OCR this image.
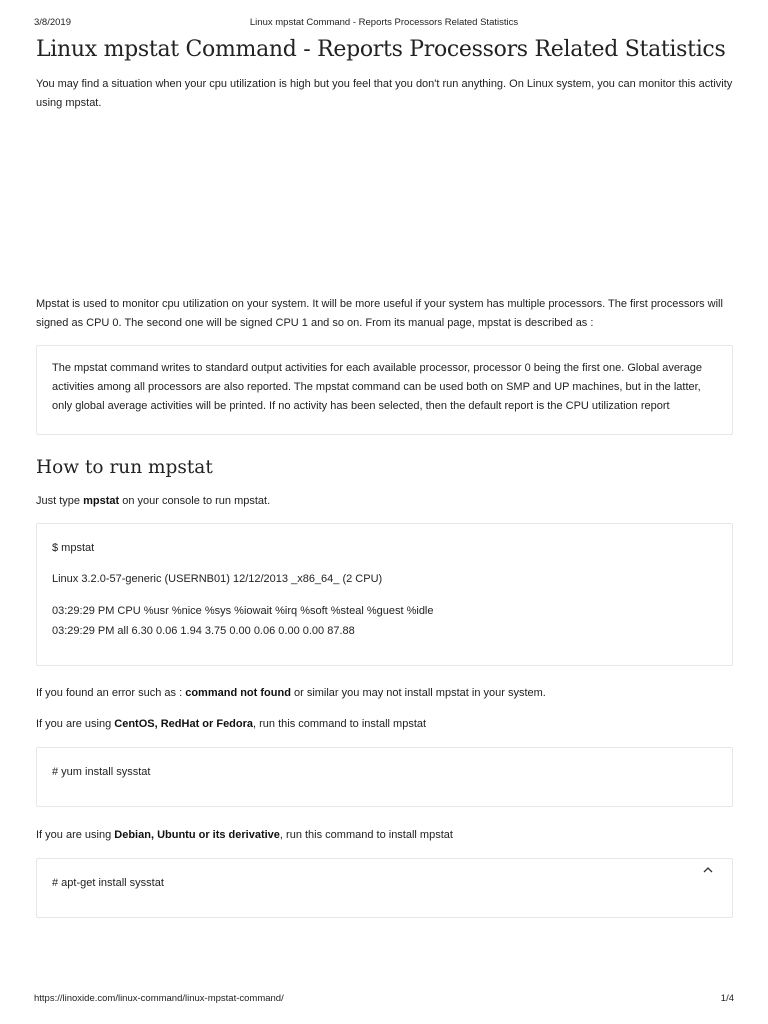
3/8/2019	Linux mpstat Command - Reports Processors Related Statistics
Linux mpstat Command - Reports Processors Related Statistics

You may find a situation when your cpu utilization is high but you feel that you don't run anything. On Linux system, you can monitor this activity using mpstat.

Mpstat is used to monitor cpu utilization on your system. It will be more useful if your system has multiple processors. The first processors will signed as CPU 0. The second one will be signed CPU 1 and so on. From its manual page, mpstat is described as :

The mpstat command writes to standard output activities for each available processor, processor 0 being the first one. Global average activities among all processors are also reported. The mpstat command can be used both on SMP and UP machines, but in the latter, only global average activities will be printed. If no activity has been selected, then the default report is the CPU utilization report

How to run mpstat

Just type mpstat on your console to run mpstat.

$ mpstat
Linux 3.2.0-57-generic (USERNB01) 12/12/2013 _x86_64_ (2 CPU)
03:29:29 PM CPU %usr %nice %sys %iowait %irq %soft %steal %guest %idle
03:29:29 PM all 6.30 0.06 1.94 3.75 0.00 0.06 0.00 0.00 87.88

If you found an error such as : command not found or similar you may not install mpstat in your system.

If you are using CentOS, RedHat or Fedora, run this command to install mpstat

# yum install sysstat

If you are using Debian, Ubuntu or its derivative, run this command to install mpstat

# apt-get install sysstat
https://linoxide.com/linux-command/linux-mpstat-command/	1/4
